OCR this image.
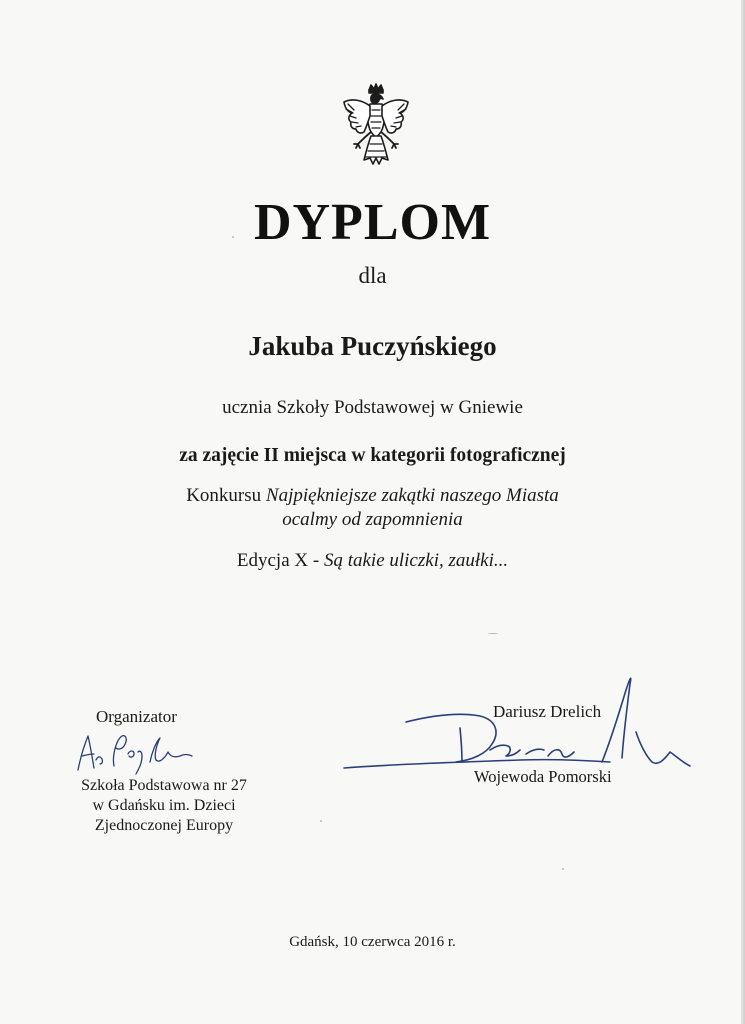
DYPLOM
dla
Jakuba Puczyńskiego
ucznia Szkoły Podstawowej w Gniewie
za zajęcie II miejsca w kategorii fotograficznej
Konkursu Najpiękniejsze zakątki naszego Miasta
ocalmy od zapomnienia
Edycja X - Są takie uliczki, zaułki...
Organizator
Szkoła Podstawowa nr 27
w Gdańsku im. Dzieci
Zjednoczonej Europy
Dariusz Drelich
Wojewoda Pomorski
Gdańsk, 10 czerwca 2016 r.
